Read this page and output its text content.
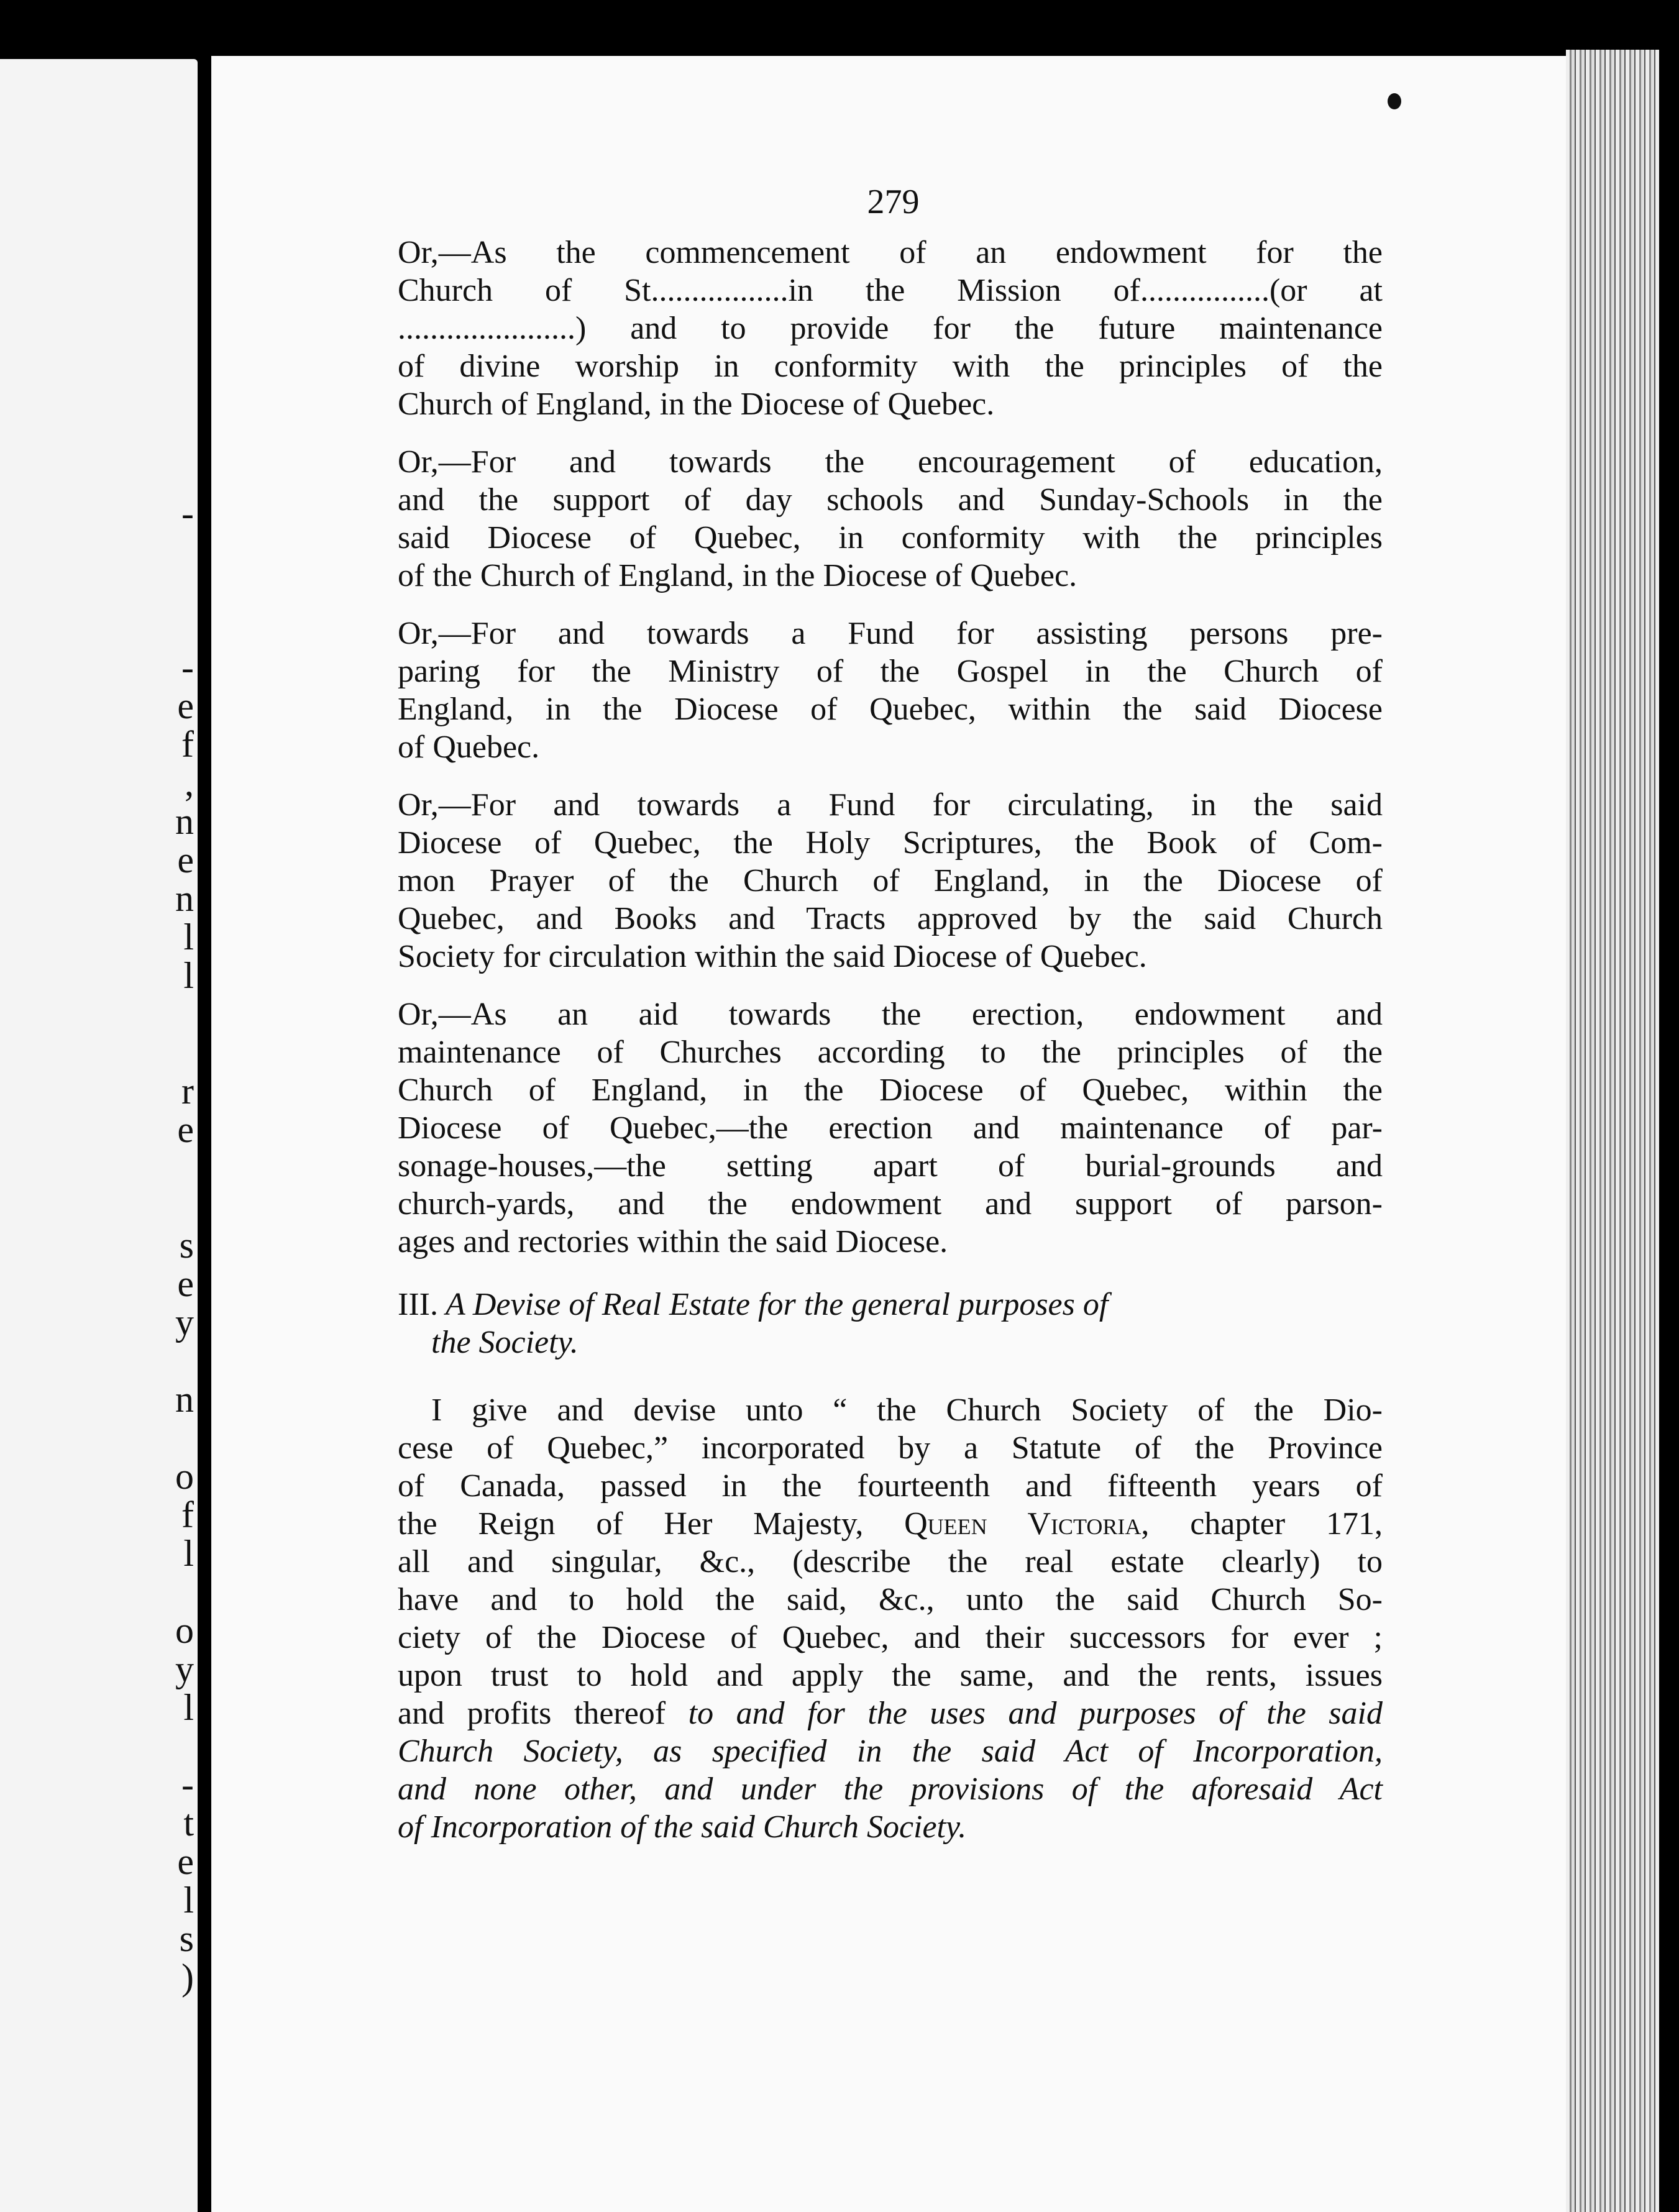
-
-
e
f
,
n
e
n
l
l
r
e
s
e
y
n
o
f
l
o
y
l
-
t
e
l
s
)
279
Or,—As the commencement of an endowment for the
Church of St.................in the Mission of................(or at
......................) and to provide for the future maintenance
of divine worship in conformity with the principles of the
Church of England, in the Diocese of Quebec.
Or,—For and towards the encouragement of education,
and the support of day schools and Sunday-Schools in the
said Diocese of Quebec, in conformity with the principles
of the Church of England, in the Diocese of Quebec.
Or,—For and towards a Fund for assisting persons pre-
paring for the Ministry of the Gospel in the Church of
England, in the Diocese of Quebec, within the said Diocese
of Quebec.
Or,—For and towards a Fund for circulating, in the said
Diocese of Quebec, the Holy Scriptures, the Book of Com-
mon Prayer of the Church of England, in the Diocese of
Quebec, and Books and Tracts approved by the said Church
Society for circulation within the said Diocese of Quebec.
Or,—As an aid towards the erection, endowment and
maintenance of Churches according to the principles of the
Church of England, in the Diocese of Quebec, within the
Diocese of Quebec,—the erection and maintenance of par-
sonage-houses,—the setting apart of burial-grounds and
church-yards, and the endowment and support of parson-
ages and rectories within the said Diocese.
III. A Devise of Real Estate for the general purposes of
the Society.
I give and devise unto “ the Church Society of the Dio-
cese of Quebec,” incorporated by a Statute of the Province
of Canada, passed in the fourteenth and fifteenth years of
the Reign of Her Majesty, Queen Victoria, chapter 171,
all and singular, &c., (describe the real estate clearly) to
have and to hold the said, &c., unto the said Church So-
ciety of the Diocese of Quebec, and their successors for ever ;
upon trust to hold and apply the same, and the rents, issues
and profits thereof to and for the uses and purposes of the said
Church Society, as specified in the said Act of Incorporation,
and none other, and under the provisions of the aforesaid Act
of Incorporation of the said Church Society.
